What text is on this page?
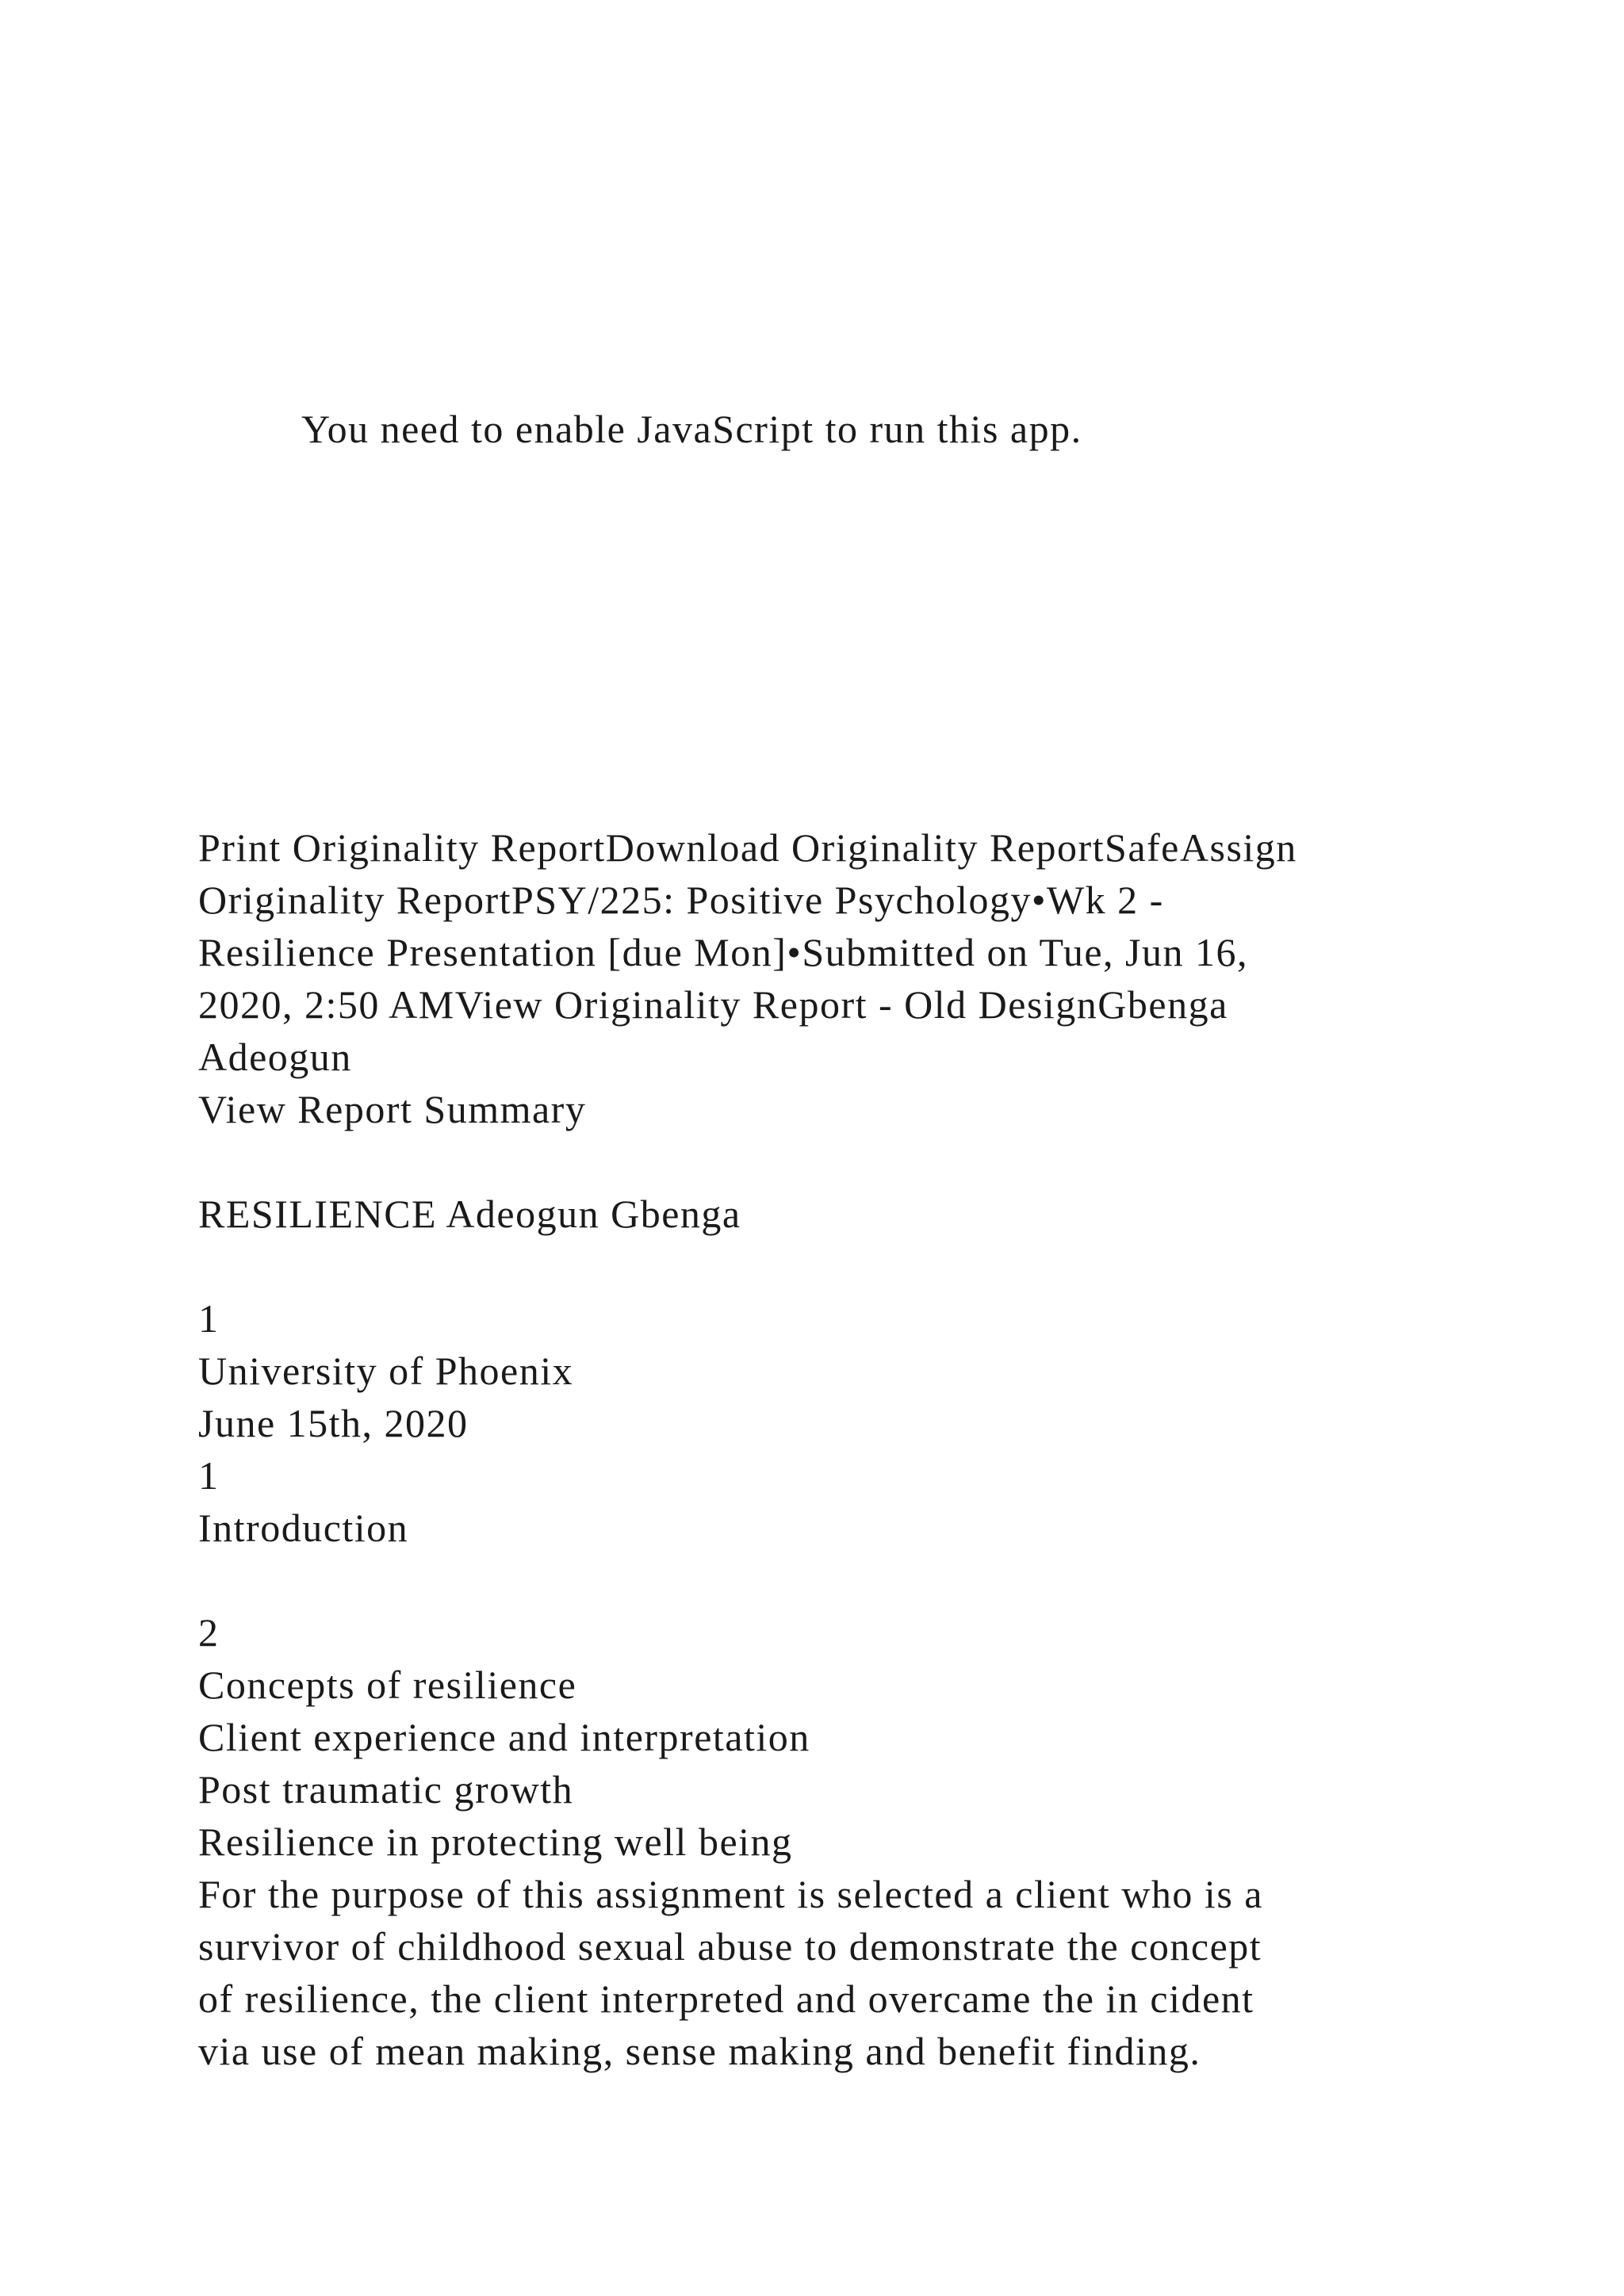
You need to enable JavaScript to run this app.
Print Originality ReportDownload Originality ReportSafeAssign
Originality ReportPSY/225: Positive Psychology•Wk 2 -
Resilience Presentation [due Mon]•Submitted on Tue, Jun 16,
2020, 2:50 AMView Originality Report - Old DesignGbenga
Adeogun
View Report Summary
RESILIENCE Adeogun Gbenga
1
University of Phoenix
June 15th, 2020
1
Introduction
2
Concepts of resilience
Client experience and interpretation
Post traumatic growth
Resilience in protecting well being
For the purpose of this assignment is selected a client who is a
survivor of childhood sexual abuse to demonstrate the concept
of resilience, the client interpreted and overcame the in cident
via use of mean making, sense making and benefit finding.
